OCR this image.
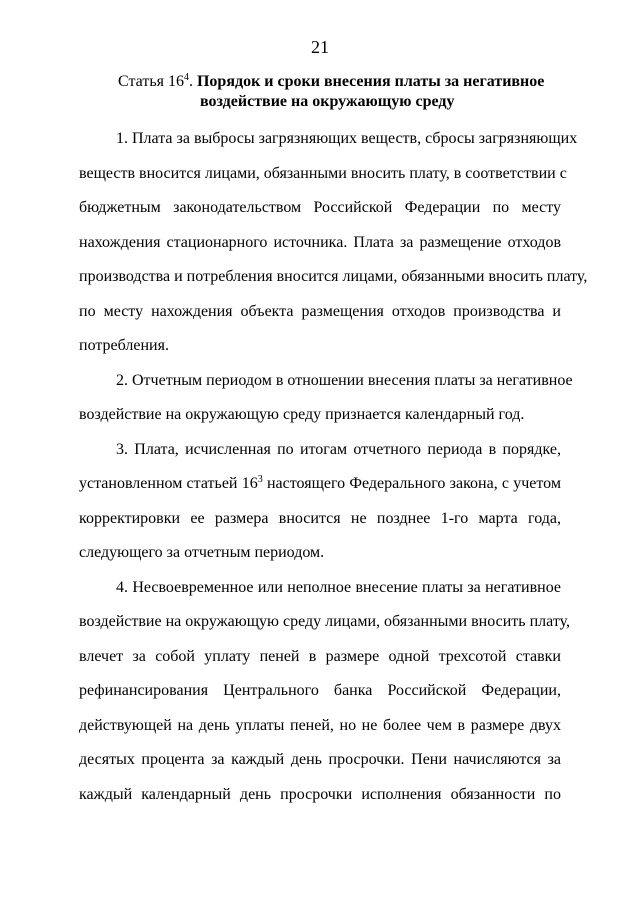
21
Статья $16^4$. Порядок и сроки внесения платы за негативное
воздействие на окружающую среду
1. Плата за выбросы загрязняющих веществ, сбросы загрязняющих
веществ вносится лицами, обязанными вносить плату, в соответствии с
бюджетным законодательством Российской Федерации по месту
нахождения стационарного источника. Плата за размещение отходов
производства и потребления вносится лицами, обязанными вносить плату,
по месту нахождения объекта размещения отходов производства и
потребления.
2. Отчетным периодом в отношении внесения платы за негативное
воздействие на окружающую среду признается календарный год.
3. Плата, исчисленная по итогам отчетного периода в порядке,
установленном статьей $16^3$ настоящего Федерального закона, с учетом
корректировки ее размера вносится не позднее 1-го марта года,
следующего за отчетным периодом.
4. Несвоевременное или неполное внесение платы за негативное
воздействие на окружающую среду лицами, обязанными вносить плату,
влечет за собой уплату пеней в размере одной трехсотой ставки
рефинансирования Центрального банка Российской Федерации,
действующей на день уплаты пеней, но не более чем в размере двух
десятых процента за каждый день просрочки. Пени начисляются за
каждый календарный день просрочки исполнения обязанности по
